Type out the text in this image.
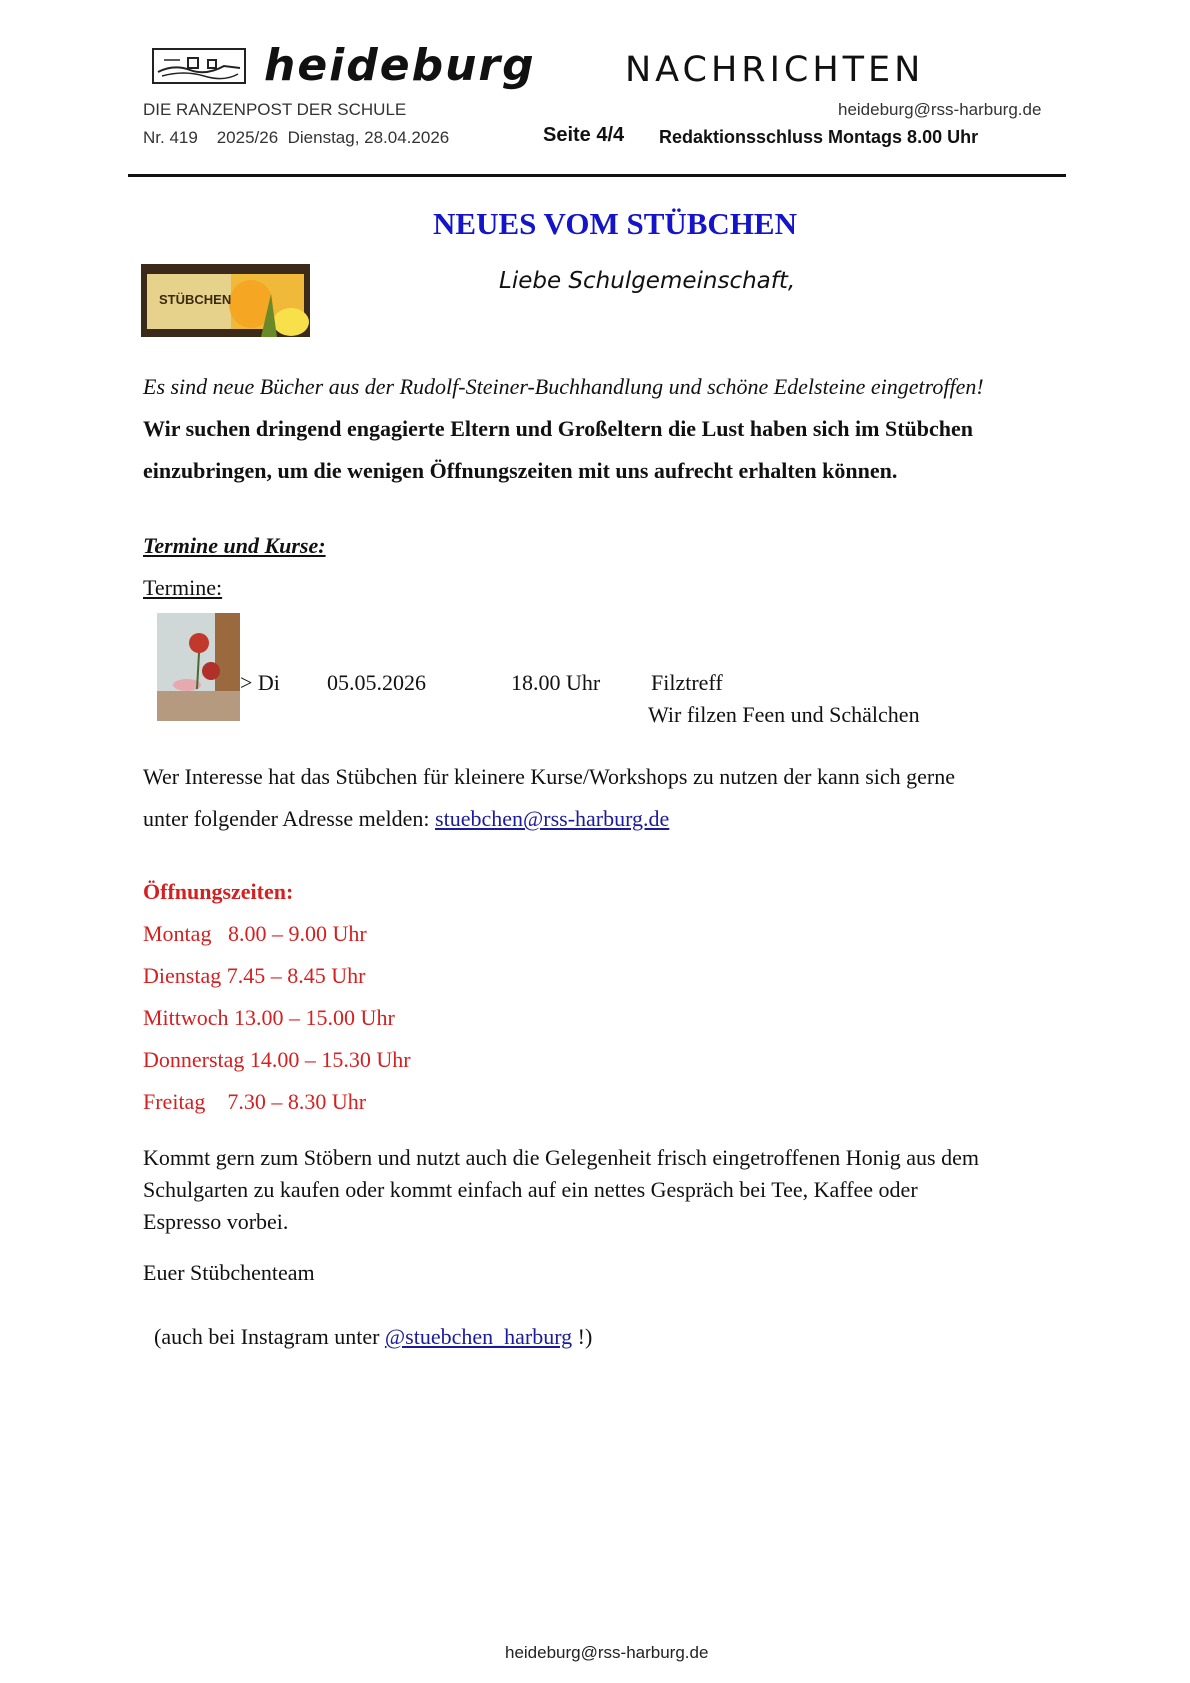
heideburg	NACHRICHTEN
DIE RANZENPOST DER SCHULE	heideburg@rss-harburg.de
Nr. 419    2025/26  Dienstag, 28.04.2026	Seite 4/4 Redaktionsschluss Montags 8.00 Uhr
NEUES VOM STÜBCHEN
STÜBCHEN
Liebe Schulgemeinschaft,
Es sind neue Bücher aus der Rudolf-Steiner-Buchhandlung und schöne Edelsteine eingetroffen!
Wir suchen dringend engagierte Eltern und Großeltern die Lust haben sich im Stübchen
einzubringen, um die wenigen Öffnungszeiten mit uns aufrecht erhalten können.
Termine und Kurse:
Termine:
> Di 05.05.2026	18.00 Uhr Filztreff
Wir filzen Feen und Schälchen
Wer Interesse hat das Stübchen für kleinere Kurse/Workshops zu nutzen der kann sich gerne
unter folgender Adresse melden: stuebchen@rss-harburg.de
Öffnungszeiten:
Montag   8.00 – 9.00 Uhr
Dienstag 7.45 – 8.45 Uhr
Mittwoch 13.00 – 15.00 Uhr
Donnerstag 14.00 – 15.30 Uhr
Freitag    7.30 – 8.30 Uhr
Kommt gern zum Stöbern und nutzt auch die Gelegenheit frisch eingetroffenen Honig aus dem
Schulgarten zu kaufen oder kommt einfach auf ein nettes Gespräch bei Tee, Kaffee oder
Espresso vorbei.
Euer Stübchenteam

(auch bei Instagram unter @stuebchen_harburg !)

heideburg@rss-harburg.de
